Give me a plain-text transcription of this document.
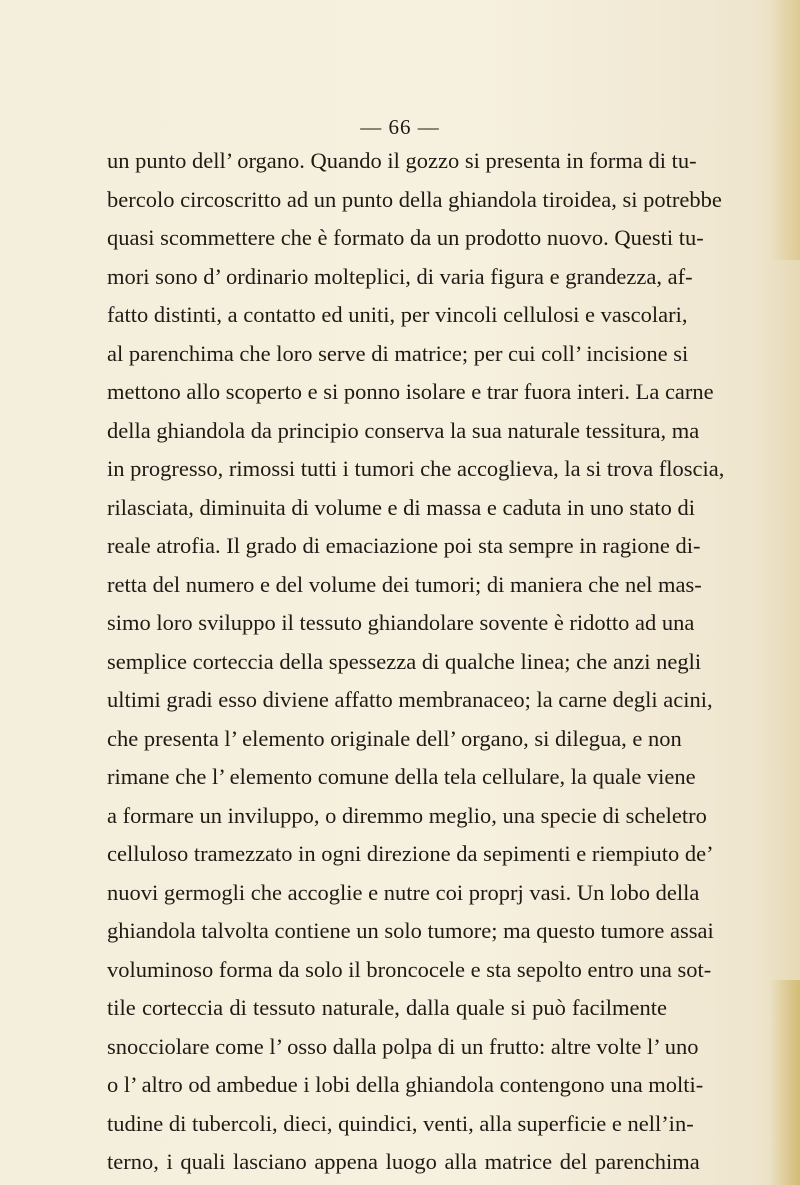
— 66 —
un punto dell’ organo. Quando il gozzo si presenta in forma di tu-
bercolo circoscritto ad un punto della ghiandola tiroidea, si potrebbe
quasi scommettere che è formato da un prodotto nuovo. Questi tu-
mori sono d’ ordinario molteplici, di varia figura e grandezza, af-
fatto distinti, a contatto ed uniti, per vincoli cellulosi e vascolari,
al parenchima che loro serve di matrice; per cui coll’ incisione si
mettono allo scoperto e si ponno isolare e trar fuora interi. La carne
della ghiandola da principio conserva la sua naturale tessitura, ma
in progresso, rimossi tutti i tumori che accoglieva, la si trova floscia,
rilasciata, diminuita di volume e di massa e caduta in uno stato di
reale atrofia. Il grado di emaciazione poi sta sempre in ragione di-
retta del numero e del volume dei tumori; di maniera che nel mas-
simo loro sviluppo il tessuto ghiandolare sovente è ridotto ad una
semplice corteccia della spessezza di qualche linea; che anzi negli
ultimi gradi esso diviene affatto membranaceo; la carne degli acini,
che presenta l’ elemento originale dell’ organo, si dilegua, e non
rimane che l’ elemento comune della tela cellulare, la quale viene
a formare un inviluppo, o diremmo meglio, una specie di scheletro
celluloso tramezzato in ogni direzione da sepimenti e riempiuto de’
nuovi germogli che accoglie e nutre coi proprj vasi. Un lobo della
ghiandola talvolta contiene un solo tumore; ma questo tumore assai
voluminoso forma da solo il broncocele e sta sepolto entro una sot-
tile corteccia di tessuto naturale, dalla quale si può facilmente
snocciolare come l’ osso dalla polpa di un frutto: altre volte l’ uno
o l’ altro od ambedue i lobi della ghiandola contengono una molti-
tudine di tubercoli, dieci, quindici, venti, alla superficie e nell’in-
terno, i quali lasciano appena luogo alla matrice del parenchima
